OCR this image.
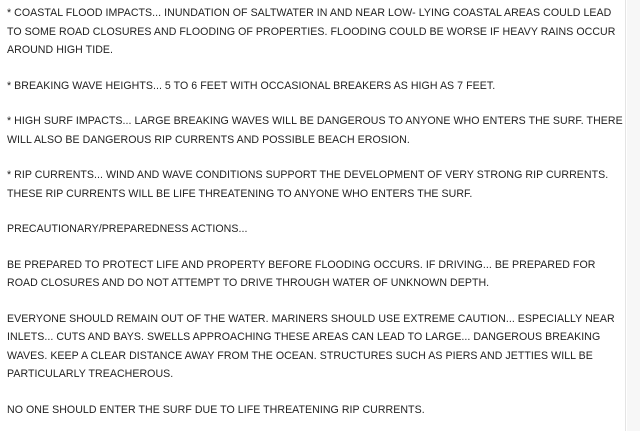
* COASTAL FLOOD IMPACTS... INUNDATION OF SALTWATER IN AND NEAR LOW- LYING COASTAL AREAS COULD LEAD TO SOME ROAD CLOSURES AND FLOODING OF PROPERTIES. FLOODING COULD BE WORSE IF HEAVY RAINS OCCUR AROUND HIGH TIDE.

* BREAKING WAVE HEIGHTS... 5 TO 6 FEET WITH OCCASIONAL BREAKERS AS HIGH AS 7 FEET.

* HIGH SURF IMPACTS... LARGE BREAKING WAVES WILL BE DANGEROUS TO ANYONE WHO ENTERS THE SURF. THERE WILL ALSO BE DANGEROUS RIP CURRENTS AND POSSIBLE BEACH EROSION.

* RIP CURRENTS... WIND AND WAVE CONDITIONS SUPPORT THE DEVELOPMENT OF VERY STRONG RIP CURRENTS. THESE RIP CURRENTS WILL BE LIFE THREATENING TO ANYONE WHO ENTERS THE SURF.

PRECAUTIONARY/PREPAREDNESS ACTIONS...

BE PREPARED TO PROTECT LIFE AND PROPERTY BEFORE FLOODING OCCURS. IF DRIVING... BE PREPARED FOR ROAD CLOSURES AND DO NOT ATTEMPT TO DRIVE THROUGH WATER OF UNKNOWN DEPTH.

EVERYONE SHOULD REMAIN OUT OF THE WATER. MARINERS SHOULD USE EXTREME CAUTION... ESPECIALLY NEAR INLETS... CUTS AND BAYS. SWELLS APPROACHING THESE AREAS CAN LEAD TO LARGE... DANGEROUS BREAKING WAVES. KEEP A CLEAR DISTANCE AWAY FROM THE OCEAN. STRUCTURES SUCH AS PIERS AND JETTIES WILL BE PARTICULARLY TREACHEROUS.

NO ONE SHOULD ENTER THE SURF DUE TO LIFE THREATENING RIP CURRENTS.
